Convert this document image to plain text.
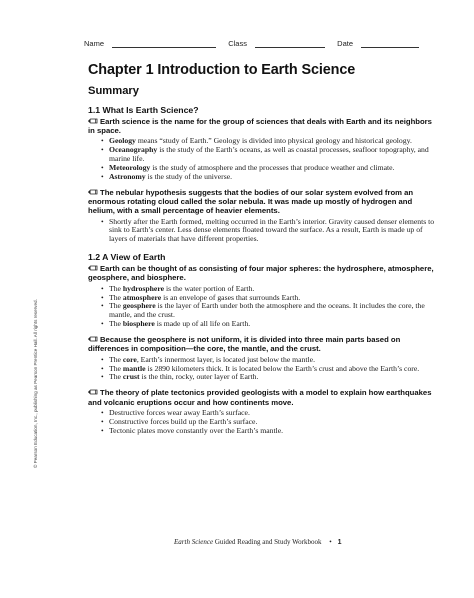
Name	Class	Date
© Pearson Education, Inc., publishing as Pearson Prentice Hall. All rights reserved.
Chapter 1 Introduction to Earth Science
Summary
1.1 What Is Earth Science?

Earth science is the name for the group of sciences that deals with Earth and its neighbors in space.

• Geology means “study of Earth.” Geology is divided into physical geology and historical geology.
• Oceanography is the study of the Earth’s oceans, as well as coastal processes, seafloor topography, and marine life.
• Meteorology is the study of atmosphere and the processes that produce weather and climate.
• Astronomy is the study of the universe.

The nebular hypothesis suggests that the bodies of our solar system evolved from an enormous rotating cloud called the solar nebula. It was made up mostly of hydrogen and helium, with a small percentage of heavier elements.

• Shortly after the Earth formed, melting occurred in the Earth’s interior. Gravity caused denser elements to sink to Earth’s center. Less dense elements floated toward the surface. As a result, Earth is made up of layers of materials that have different properties.
1.2 A View of Earth

Earth can be thought of as consisting of four major spheres: the hydrosphere, atmosphere, geosphere, and biosphere.

• The hydrosphere is the water portion of Earth.
• The atmosphere is an envelope of gases that surrounds Earth.
• The geosphere is the layer of Earth under both the atmosphere and the oceans. It includes the core, the mantle, and the crust.
• The biosphere is made up of all life on Earth.

Because the geosphere is not uniform, it is divided into three main parts based on differences in composition—the core, the mantle, and the crust.

• The core, Earth’s innermost layer, is located just below the mantle.
• The mantle is 2890 kilometers thick. It is located below the Earth’s crust and above the Earth’s core.
• The crust is the thin, rocky, outer layer of Earth.

The theory of plate tectonics provided geologists with a model to explain how earthquakes and volcanic eruptions occur and how continents move.

• Destructive forces wear away Earth’s surface.
• Constructive forces build up the Earth’s surface.
• Tectonic plates move constantly over the Earth’s mantle.
Earth Science Guided Reading and Study Workbook • 1
